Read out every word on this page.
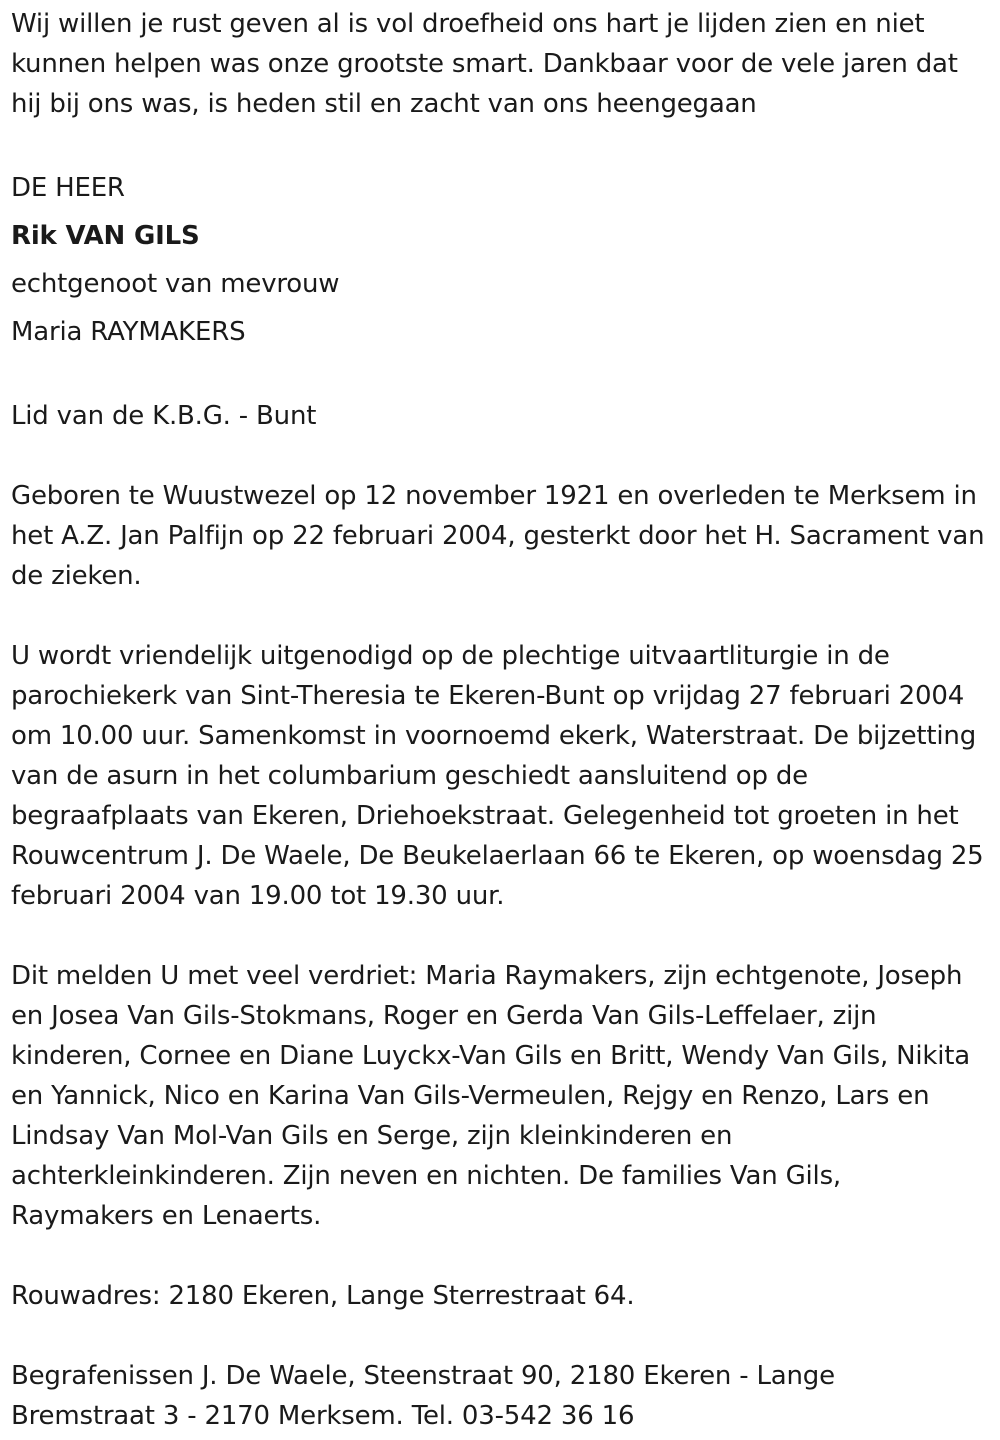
Wij willen je rust geven al is vol droefheid ons hart je lijden zien en niet kunnen helpen was onze grootste smart. Dankbaar voor de vele jaren dat hij bij ons was, is heden stil en zacht van ons heengegaan

DE HEER

Rik VAN GILS

echtgenoot van mevrouw

Maria RAYMAKERS

Lid van de K.B.G. - Bunt

Geboren te Wuustwezel op 12 november 1921 en overleden te Merksem in het A.Z. Jan Palfijn op 22 februari 2004, gesterkt door het H. Sacrament van de zieken.

U wordt vriendelijk uitgenodigd op de plechtige uitvaartliturgie in de parochiekerk van Sint-Theresia te Ekeren-Bunt op vrijdag 27 februari 2004 om 10.00 uur. Samenkomst in voornoemd ekerk, Waterstraat. De bijzetting van de asurn in het columbarium geschiedt aansluitend op de begraafplaats van Ekeren, Driehoekstraat. Gelegenheid tot groeten in het Rouwcentrum J. De Waele, De Beukelaerlaan 66 te Ekeren, op woensdag 25 februari 2004 van 19.00 tot 19.30 uur.

Dit melden U met veel verdriet: Maria Raymakers, zijn echtgenote, Joseph en Josea Van Gils-Stokmans, Roger en Gerda Van Gils-Leffelaer, zijn kinderen, Cornee en Diane Luyckx-Van Gils en Britt, Wendy Van Gils, Nikita en Yannick, Nico en Karina Van Gils-Vermeulen, Rejgy en Renzo, Lars en Lindsay Van Mol-Van Gils en Serge, zijn kleinkinderen en achterkleinkinderen. Zijn neven en nichten. De families Van Gils, Raymakers en Lenaerts.

Rouwadres: 2180 Ekeren, Lange Sterrestraat 64.

Begrafenissen J. De Waele, Steenstraat 90, 2180 Ekeren - Lange Bremstraat 3 - 2170 Merksem. Tel. 03-542 36 16
